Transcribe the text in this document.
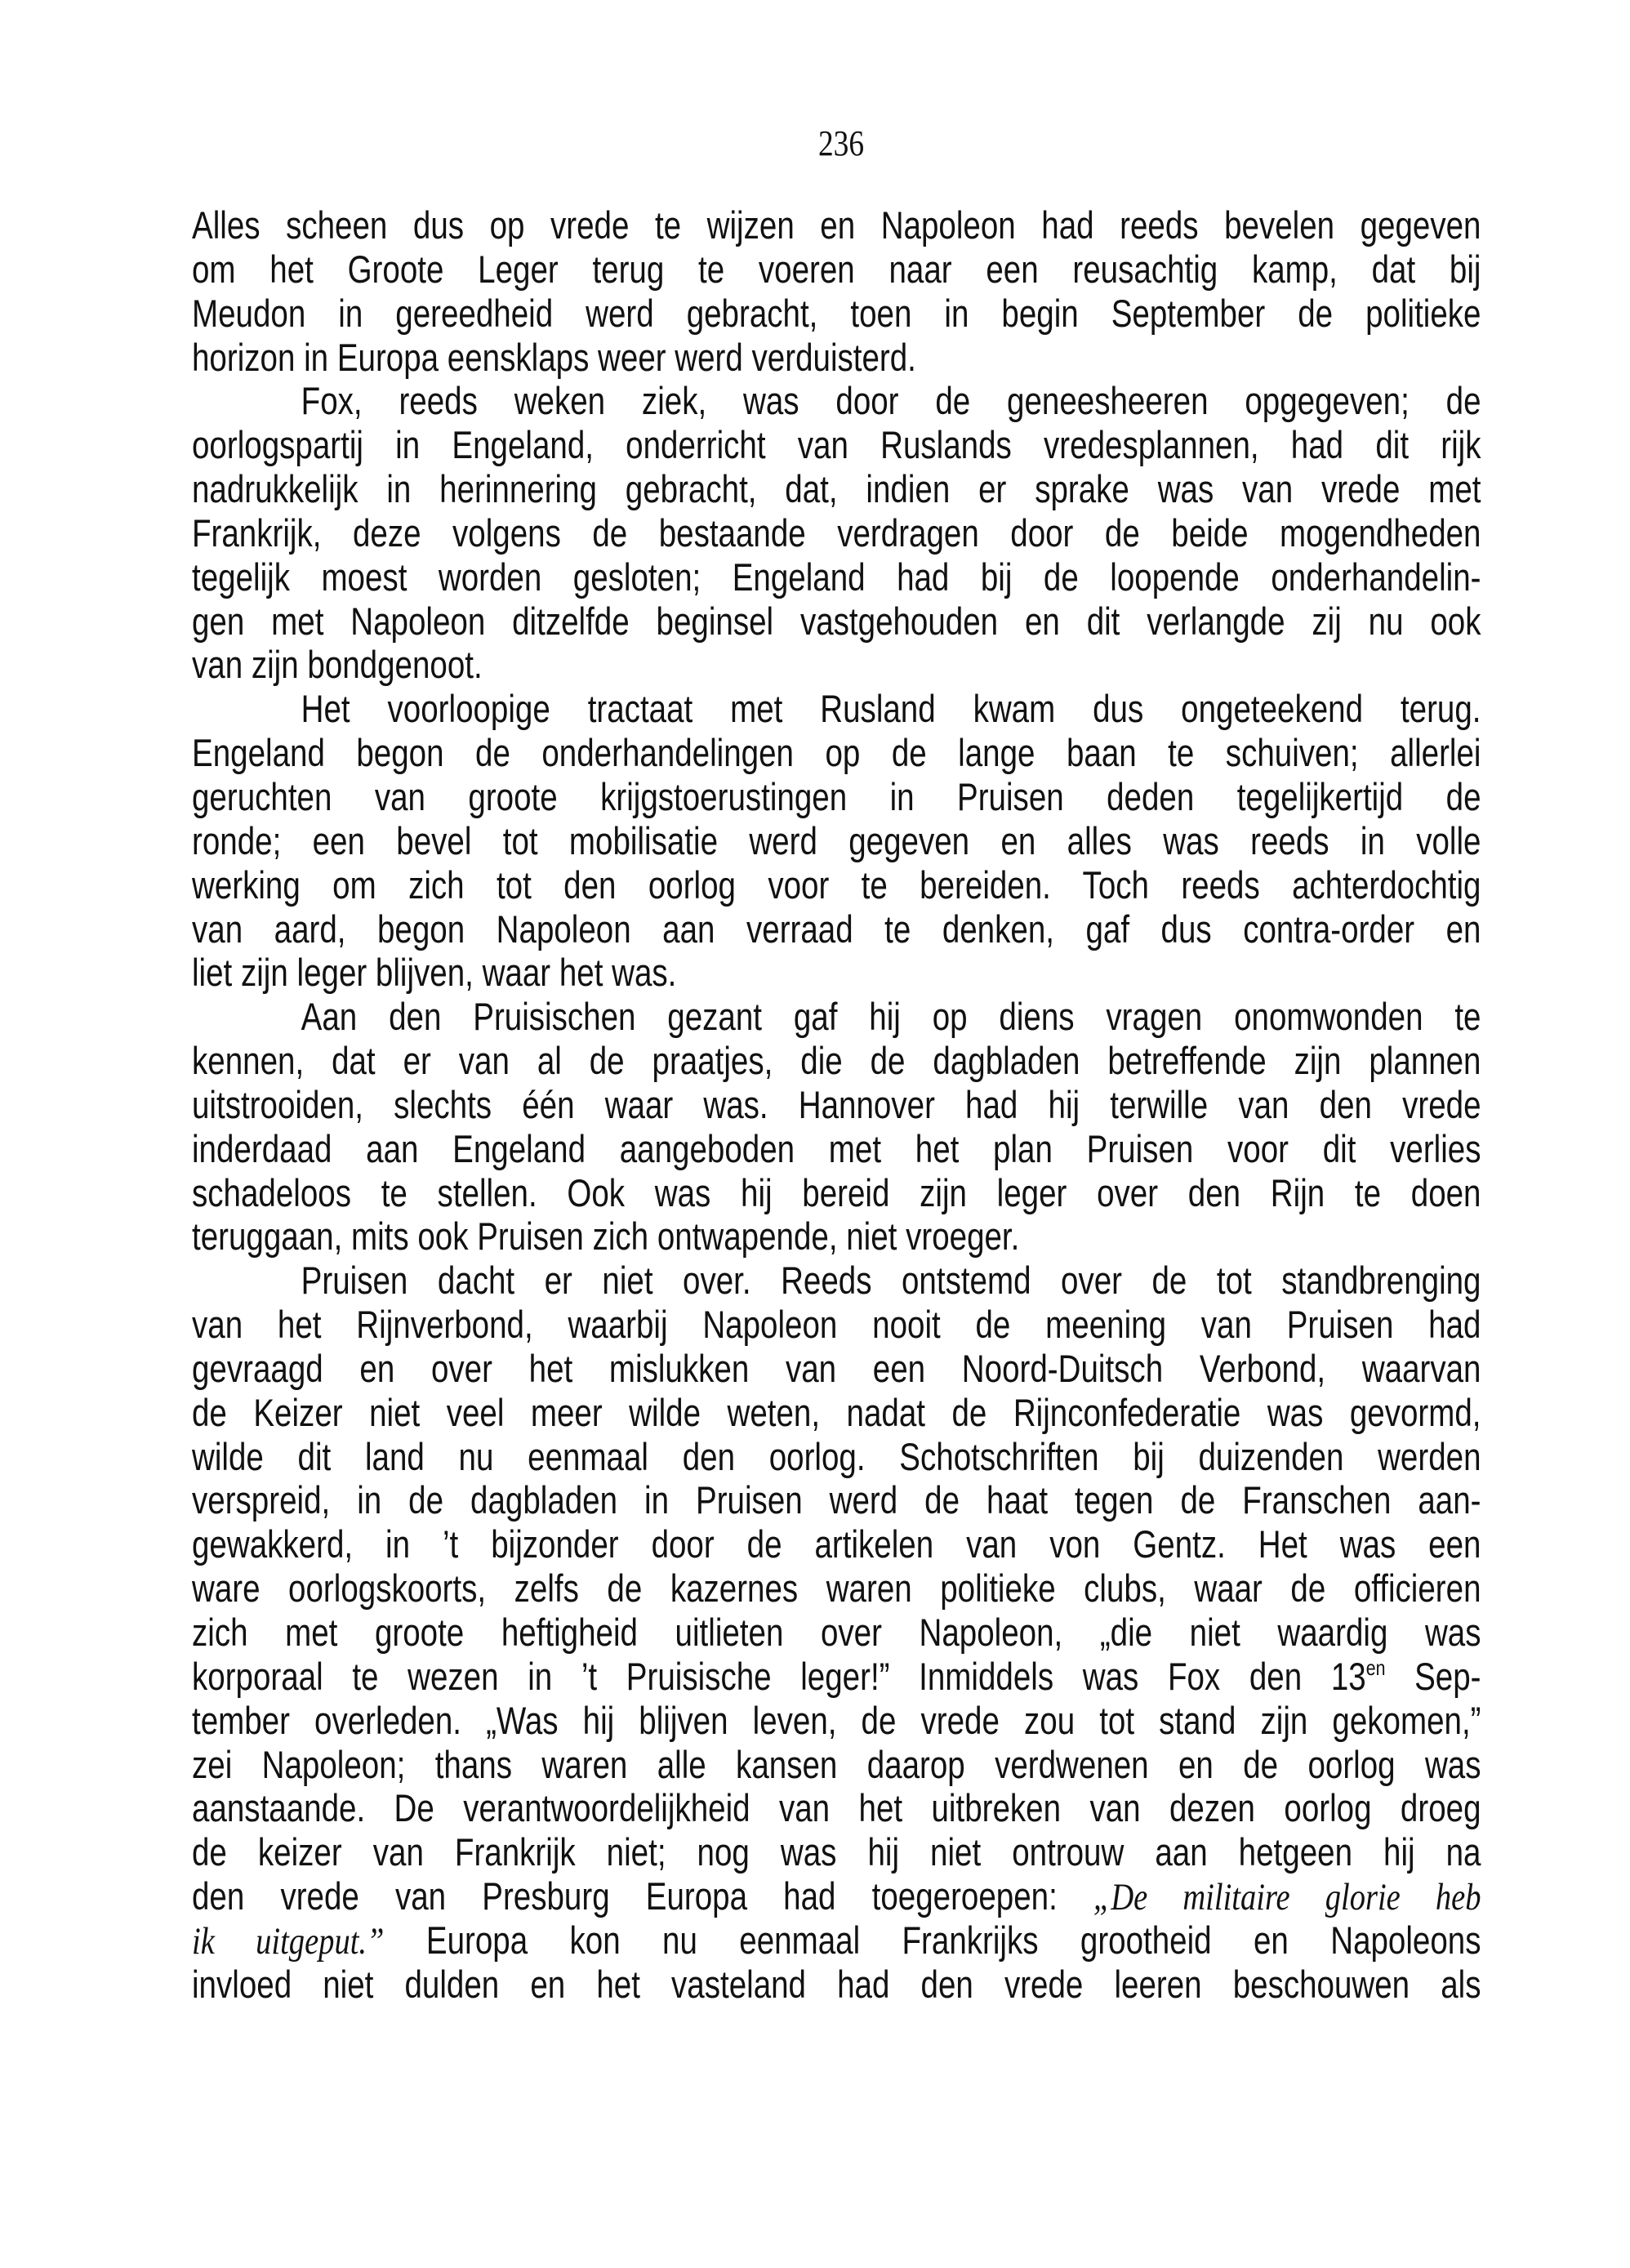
236
Alles scheen dus op vrede te wijzen en Napoleon had reeds bevelen gegeven
om het Groote Leger terug te voeren naar een reusachtig kamp, dat bij
Meudon in gereedheid werd gebracht, toen in begin September de politieke
horizon in Europa eensklaps weer werd verduisterd.
Fox, reeds weken ziek, was door de geneesheeren opgegeven; de
oorlogspartij in Engeland, onderricht van Ruslands vredesplannen, had dit rijk
nadrukkelijk in herinnering gebracht, dat, indien er sprake was van vrede met
Frankrijk, deze volgens de bestaande verdragen door de beide mogendheden
tegelijk moest worden gesloten; Engeland had bij de loopende onderhandelin-
gen met Napoleon ditzelfde beginsel vastgehouden en dit verlangde zij nu ook
van zijn bondgenoot.
Het voorloopige tractaat met Rusland kwam dus ongeteekend terug.
Engeland begon de onderhandelingen op de lange baan te schuiven; allerlei
geruchten van groote krijgstoerustingen in Pruisen deden tegelijkertijd de
ronde; een bevel tot mobilisatie werd gegeven en alles was reeds in volle
werking om zich tot den oorlog voor te bereiden. Toch reeds achterdochtig
van aard, begon Napoleon aan verraad te denken, gaf dus contra-order en
liet zijn leger blijven, waar het was.
Aan den Pruisischen gezant gaf hij op diens vragen onomwonden te
kennen, dat er van al de praatjes, die de dagbladen betreffende zijn plannen
uitstrooiden, slechts één waar was. Hannover had hij terwille van den vrede
inderdaad aan Engeland aangeboden met het plan Pruisen voor dit verlies
schadeloos te stellen. Ook was hij bereid zijn leger over den Rijn te doen
teruggaan, mits ook Pruisen zich ontwapende, niet vroeger.
Pruisen dacht er niet over. Reeds ontstemd over de tot standbrenging
van het Rijnverbond, waarbij Napoleon nooit de meening van Pruisen had
gevraagd en over het mislukken van een Noord-Duitsch Verbond, waarvan
de Keizer niet veel meer wilde weten, nadat de Rijnconfederatie was gevormd,
wilde dit land nu eenmaal den oorlog. Schotschriften bij duizenden werden
verspreid, in de dagbladen in Pruisen werd de haat tegen de Franschen aan-
gewakkerd, in ’t bijzonder door de artikelen van von Gentz. Het was een
ware oorlogskoorts, zelfs de kazernes waren politieke clubs, waar de officieren
zich met groote heftigheid uitlieten over Napoleon, „die niet waardig was
korporaal te wezen in ’t Pruisische leger!” Inmiddels was Fox den $13^{en}$ Sep-
tember overleden. „Was hij blijven leven, de vrede zou tot stand zijn gekomen,”
zei Napoleon; thans waren alle kansen daarop verdwenen en de oorlog was
aanstaande. De verantwoordelijkheid van het uitbreken van dezen oorlog droeg
de keizer van Frankrijk niet; nog was hij niet ontrouw aan hetgeen hij na
den vrede van Presburg Europa had toegeroepen: „De militaire glorie heb
ik uitgeput.” Europa kon nu eenmaal Frankrijks grootheid en Napoleons
invloed niet dulden en het vasteland had den vrede leeren beschouwen als
